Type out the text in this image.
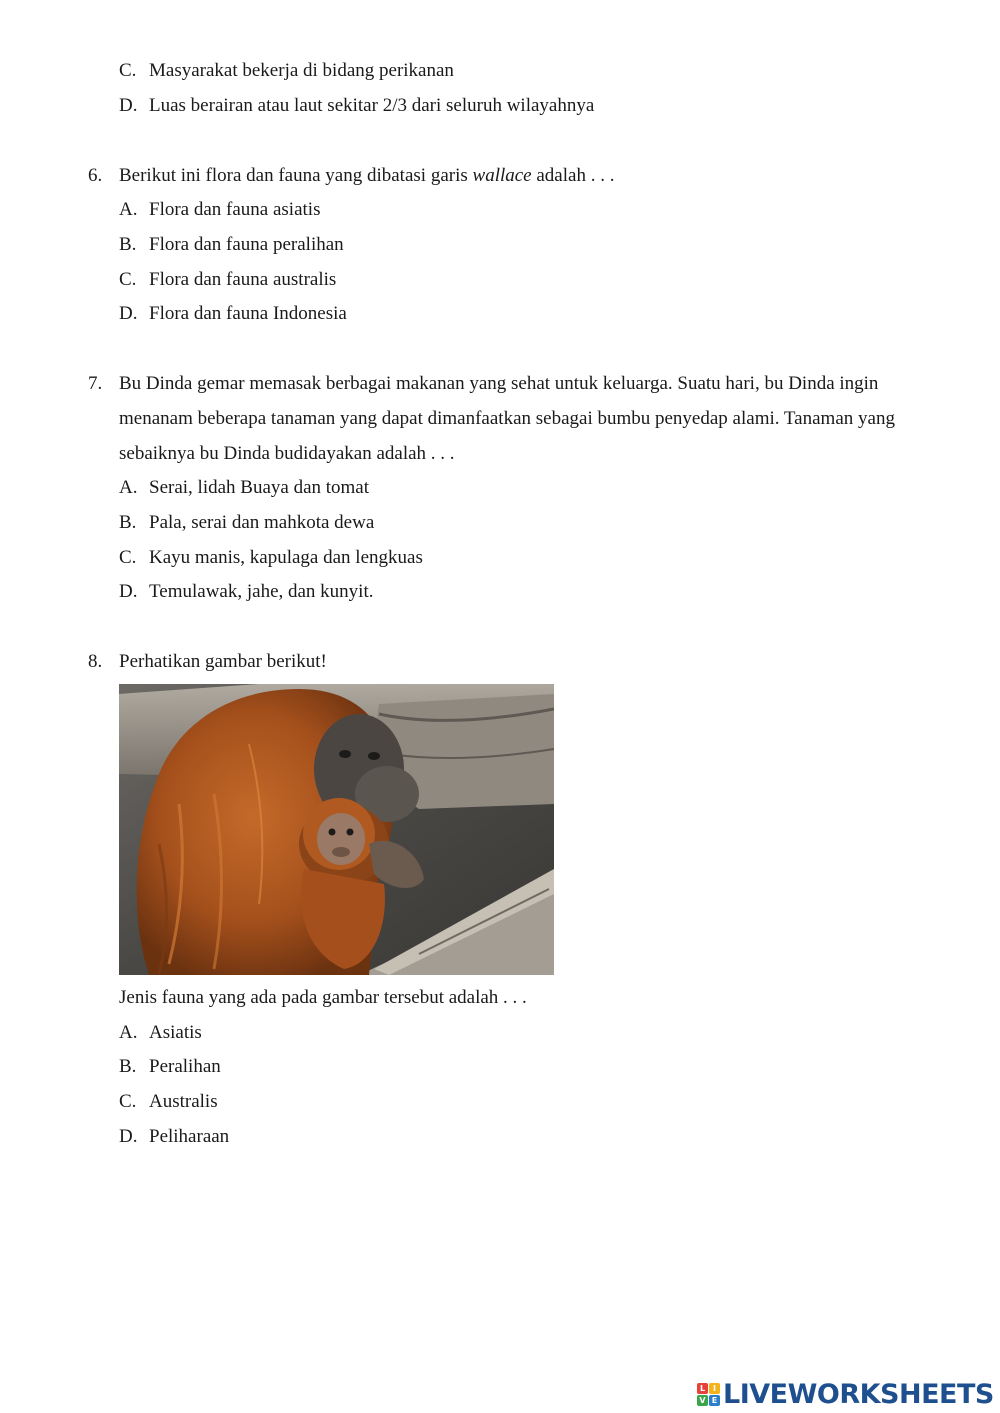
C. Masyarakat bekerja di bidang perikanan
D. Luas berairan atau laut sekitar 2/3 dari seluruh wilayahnya
6. Berikut ini flora dan fauna yang dibatasi garis wallace adalah . . .
A. Flora dan fauna asiatis
B. Flora dan fauna peralihan
C. Flora dan fauna australis
D. Flora dan fauna Indonesia
7. Bu Dinda gemar memasak berbagai makanan yang sehat untuk keluarga. Suatu hari, bu Dinda ingin
menanam beberapa tanaman yang dapat dimanfaatkan sebagai bumbu penyedap alami. Tanaman yang
sebaiknya bu Dinda budidayakan adalah . . .
A. Serai, lidah Buaya dan tomat
B. Pala, serai dan mahkota dewa
C. Kayu manis, kapulaga dan lengkuas
D. Temulawak, jahe, dan kunyit.
8. Perhatikan gambar berikut!
Jenis fauna yang ada pada gambar tersebut adalah . . .
A. Asiatis
B. Peralihan
C. Australis
D. Peliharaan
L I
V E LIVEWORKSHEETS
